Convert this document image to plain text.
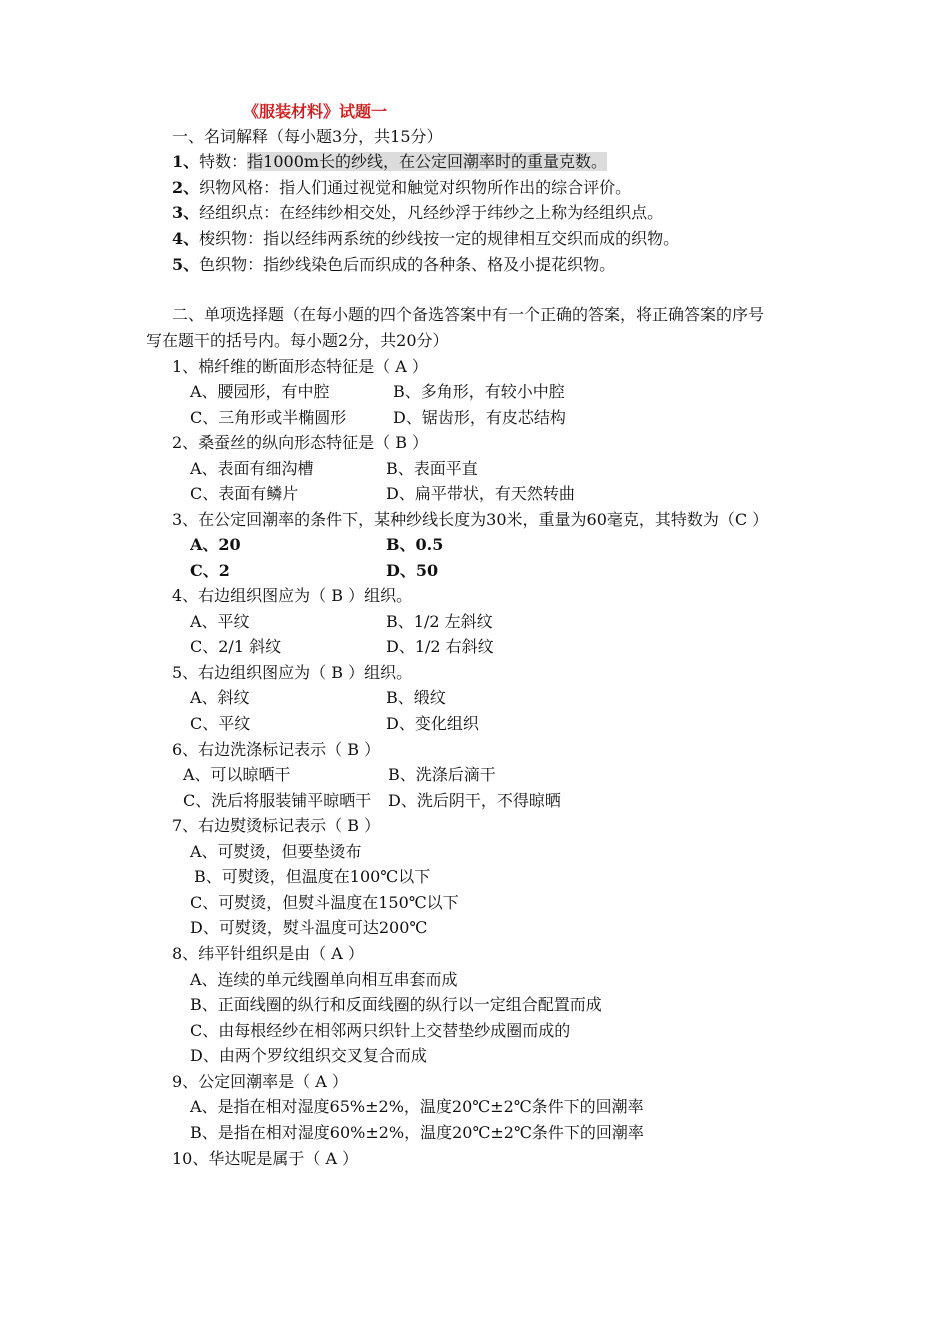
《服装材料》试题一
一、名词解释（每小题3分，共15分）
1、特数：指1000m长的纱线，在公定回潮率时的重量克数。
2、织物风格：指人们通过视觉和触觉对织物所作出的综合评价。
3、经组织点：在经纬纱相交处，凡经纱浮于纬纱之上称为经组织点。
4、梭织物：指以经纬两系统的纱线按一定的规律相互交织而成的织物。
5、色织物：指纱线染色后而织成的各种条、格及小提花织物。
二、单项选择题（在每小题的四个备选答案中有一个正确的答案，将正确答案的序号
写在题干的括号内。每小题2分，共20分）
1、棉纤维的断面形态特征是（ A ）
A、腰园形，有中腔	B、多角形，有较小中腔
C、三角形或半椭圆形	D、锯齿形，有皮芯结构
2、桑蚕丝的纵向形态特征是（ B ）
A、表面有细沟槽	B、表面平直
C、表面有鳞片	D、扁平带状，有天然转曲
3、在公定回潮率的条件下，某种纱线长度为30米，重量为60毫克，其特数为（C ）
A、20	B、0.5
C、2	D、50
4、右边组织图应为（ B ）组织。
A、平纹	B、1/2 左斜纹
C、2/1 斜纹	D、1/2 右斜纹
5、右边组织图应为（ B ）组织。
A、斜纹	B、缎纹
C、平纹	D、变化组织
6、右边洗涤标记表示（ B ）
A、可以晾晒干	B、洗涤后滴干
C、洗后将服装铺平晾晒干 D、洗后阴干，不得晾晒
7、右边熨烫标记表示（ B ）
A、可熨烫，但要垫烫布
B、可熨烫，但温度在100℃以下
C、可熨烫，但熨斗温度在150℃以下
D、可熨烫，熨斗温度可达200℃
8、纬平针组织是由（ A ）
A、连续的单元线圈单向相互串套而成
B、正面线圈的纵行和反面线圈的纵行以一定组合配置而成
C、由每根经纱在相邻两只织针上交替垫纱成圈而成的
D、由两个罗纹组织交叉复合而成
9、公定回潮率是（ A ）
A、是指在相对湿度65%±2%，温度20℃±2℃条件下的回潮率
B、是指在相对湿度60%±2%，温度20℃±2℃条件下的回潮率
10、华达呢是属于（ A ）
